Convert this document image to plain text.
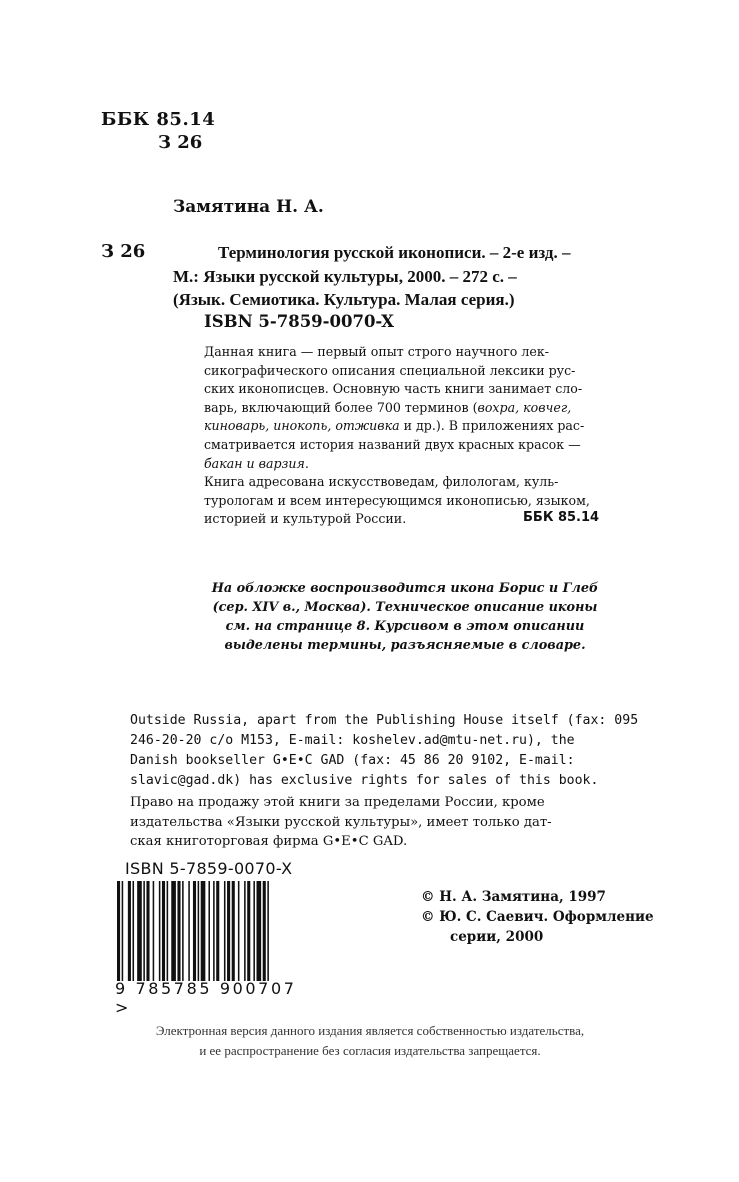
ББК 85.14
З 26
Замятина Н. А.
З 26	Терминология русской иконописи. – 2-е изд. –
М.: Языки русской культуры, 2000. – 272 с. –
(Язык. Семиотика. Культура. Малая серия.)
ISBN 5-7859-0070-X
Данная книга — первый опыт строго научного лек-
сикографического описания специальной лексики рус-
ских иконописцев. Основную часть книги занимает сло-
варь, включающий более 700 терминов (вохра, ковчег,
киноварь, инокопь, отживка и др.). В приложениях рас-
сматривается история названий двух красных красок —
бакан и варзия.
Книга адресована искусствоведам, филологам, куль-
турологам и всем интересующимся иконописью, языком,
историей и культурой России.	ББК 85.14
На обложке воспроизводится икона Борис и Глеб
(сер. XIV в., Москва). Техническое описание иконы
см. на странице 8. Курсивом в этом описании
выделены термины, разъясняемые в словаре.
Outside Russia, apart from the Publishing House itself (fax: 095
246-20-20 c/o M153, E-mail: koshelev.ad@mtu-net.ru), the
Danish bookseller G•E•C GAD (fax: 45 86 20 9102, E-mail:
slavic@gad.dk) has exclusive rights for sales of this book.
Право на продажу этой книги за пределами России, кроме
издательства «Языки русской культуры», имеет только дат-
ская книготорговая фирма G•E•C GAD.
ISBN 5-7859-0070-X
9 785785 900707 >
© Н. А. Замятина, 1997
© Ю. С. Саевич. Оформление
серии, 2000
Электронная версия данного издания является собственностью издательства,
и ее распространение без согласия издательства запрещается.
